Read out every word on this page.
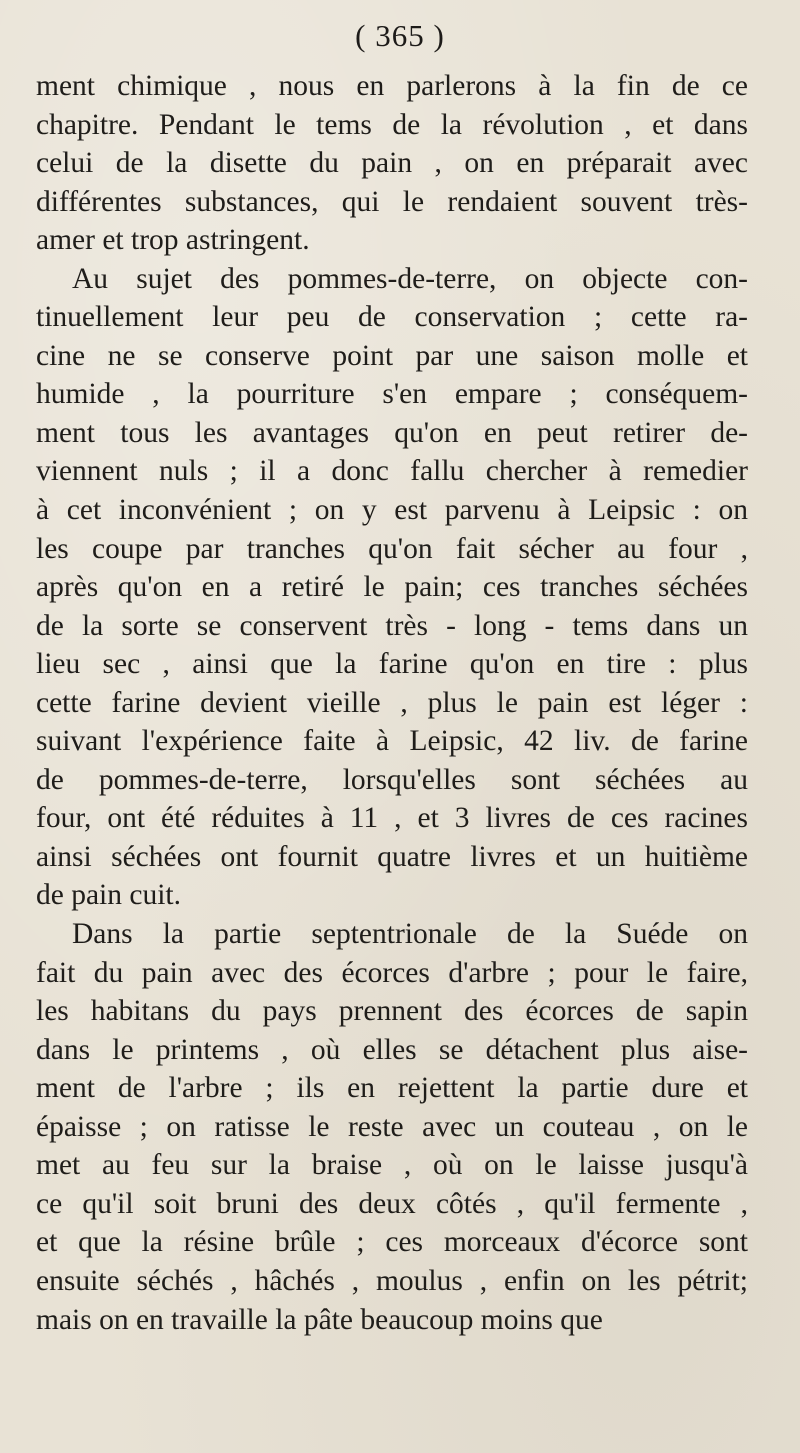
( 365 )
ment chimique , nous en parlerons à la fin de ce
chapitre. Pendant le tems de la révolution , et dans
celui de la disette du pain , on en préparait avec
différentes substances, qui le rendaient souvent très-
amer et trop astringent.
Au sujet des pommes-de-terre, on objecte con-
tinuellement leur peu de conservation ; cette ra-
cine ne se conserve point par une saison molle et
humide , la pourriture s'en empare ; conséquem-
ment tous les avantages qu'on en peut retirer de-
viennent nuls ; il a donc fallu chercher à remedier
à cet inconvénient ; on y est parvenu à Leipsic : on
les coupe par tranches qu'on fait sécher au four ,
après qu'on en a retiré le pain; ces tranches séchées
de la sorte se conservent très - long - tems dans un
lieu sec , ainsi que la farine qu'on en tire : plus
cette farine devient vieille , plus le pain est léger :
suivant l'expérience faite à Leipsic, 42 liv. de farine
de pommes-de-terre, lorsqu'elles sont séchées au
four, ont été réduites à 11 , et 3 livres de ces racines
ainsi séchées ont fournit quatre livres et un huitième
de pain cuit.
Dans la partie septentrionale de la Suéde on
fait du pain avec des écorces d'arbre ; pour le faire,
les habitans du pays prennent des écorces de sapin
dans le printems , où elles se détachent plus aise-
ment de l'arbre ; ils en rejettent la partie dure et
épaisse ; on ratisse le reste avec un couteau , on le
met au feu sur la braise , où on le laisse jusqu'à
ce qu'il soit bruni des deux côtés , qu'il fermente ,
et que la résine brûle ; ces morceaux d'écorce sont
ensuite séchés , hâchés , moulus , enfin on les pétrit;
mais on en travaille la pâte beaucoup moins que
